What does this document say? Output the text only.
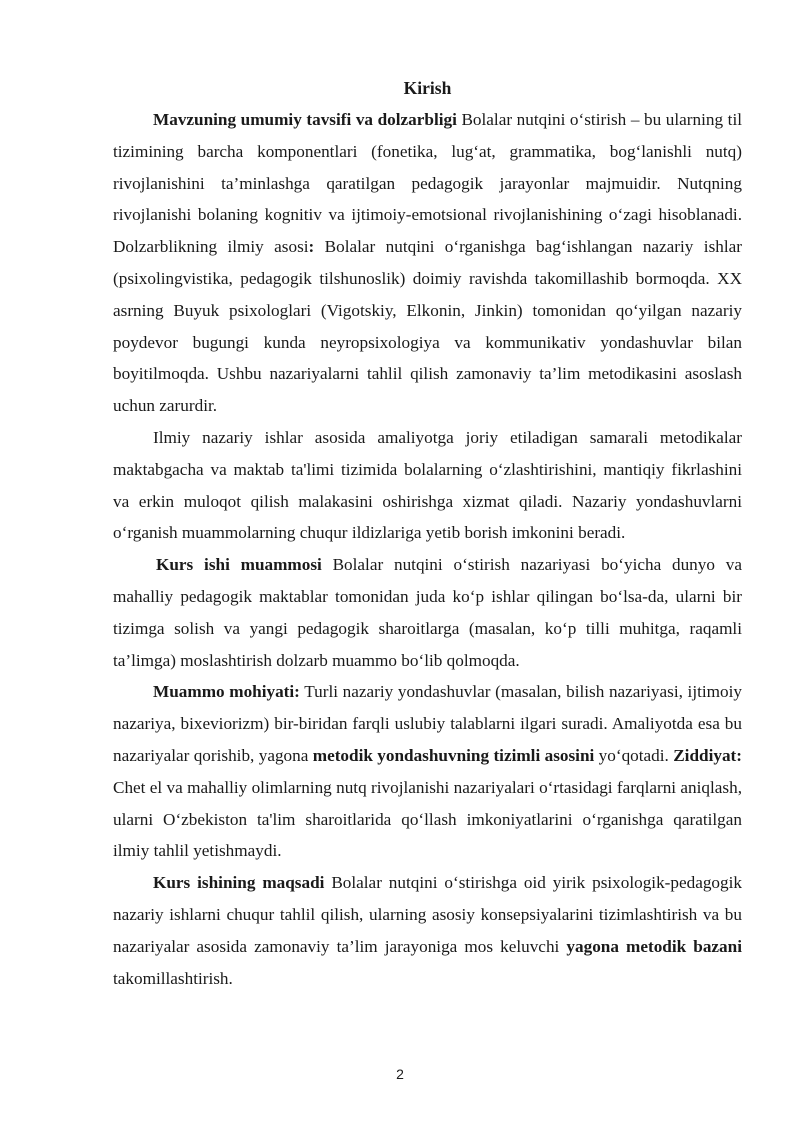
Kirish

Mavzuning umumiy tavsifi va dolzarbligi Bolalar nutqini o‘stirish – bu ularning til tizimining barcha komponentlari (fonetika, lug‘at, grammatika, bog‘lanishli nutq) rivojlanishini ta’minlashga qaratilgan pedagogik jarayonlar majmuidir. Nutqning rivojlanishi bolaning kognitiv va ijtimoiy-emotsional rivojlanishining o‘zagi hisoblanadi. Dolzarblikning ilmiy asosi: Bolalar nutqini o‘rganishga bag‘ishlangan nazariy ishlar (psixolingvistika, pedagogik tilshunoslik) doimiy ravishda takomillashib bormoqda. XX asrning Buyuk psixologlari (Vigotskiy, Elkonin, Jinkin) tomonidan qo‘yilgan nazariy poydevor bugungi kunda neyropsixologiya va kommunikativ yondashuvlar bilan boyitilmoqda. Ushbu nazariyalarni tahlil qilish zamonaviy ta’lim metodikasini asoslash uchun zarurdir.

Ilmiy nazariy ishlar asosida amaliyotga joriy etiladigan samarali metodikalar maktabgacha va maktab ta'limi tizimida bolalarning o‘zlashtirishini, mantiqiy fikrlashini va erkin muloqot qilish malakasini oshirishga xizmat qiladi. Nazariy yondashuvlarni o‘rganish muammolarning chuqur ildizlariga yetib borish imkonini beradi.

Kurs ishi muammosi Bolalar nutqini o‘stirish nazariyasi bo‘yicha dunyo va mahalliy pedagogik maktablar tomonidan juda ko‘p ishlar qilingan bo‘lsa-da, ularni bir tizimga solish va yangi pedagogik sharoitlarga (masalan, ko‘p tilli muhitga, raqamli ta’limga) moslashtirish dolzarb muammo bo‘lib qolmoqda.

Muammo mohiyati: Turli nazariy yondashuvlar (masalan, bilish nazariyasi, ijtimoiy nazariya, bixeviorizm) bir-biridan farqli uslubiy talablarni ilgari suradi. Amaliyotda esa bu nazariyalar qorishib, yagona metodik yondashuvning tizimli asosini yo‘qotadi. Ziddiyat: Chet el va mahalliy olimlarning nutq rivojlanishi nazariyalari o‘rtasidagi farqlarni aniqlash, ularni O‘zbekiston ta'lim sharoitlarida qo‘llash imkoniyatlarini o‘rganishga qaratilgan ilmiy tahlil yetishmaydi.

Kurs ishining maqsadi Bolalar nutqini o‘stirishga oid yirik psixologik-pedagogik nazariy ishlarni chuqur tahlil qilish, ularning asosiy konsepsiyalarini tizimlashtirish va bu nazariyalar asosida zamonaviy ta’lim jarayoniga mos keluvchi yagona metodik bazani takomillashtirish.

2
